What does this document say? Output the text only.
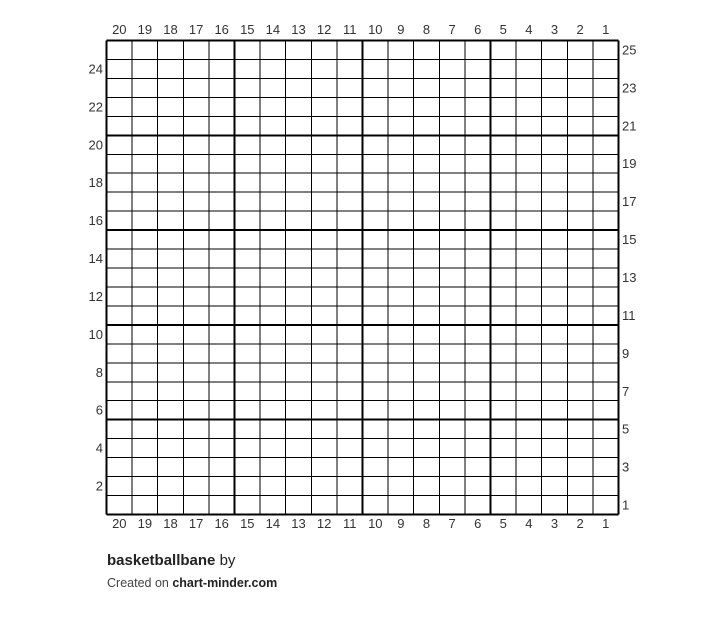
20
20
19
19
18
18
17
17
16
16
15
15
14
14
13
13
12
12
11
11
10
10
9
9
8
8
7
7
6
6
5
5
4
4
3
3
2
2
1
1
25
23
21
19
17
15
13
11
9
7
5
3
1
24
22
20
18
16
14
12
10
8
6
4
2
basketballbane by
Created on chart-minder.com
